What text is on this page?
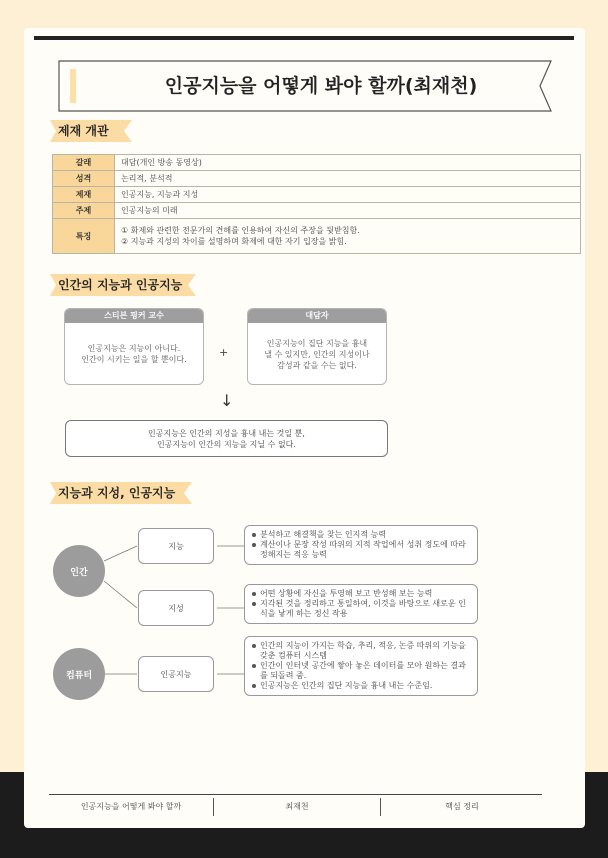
인공지능을 어떻게 봐야 할까(최재천)
제재 개관
갈래	대담(개인 방송 동영상)
성격	논리적, 분석적
제재	인공지능, 지능과 지성
주제	인공지능의 미래
특징	① 화제와 관련한 전문가의 견해를 인용하여 자신의 주장을 뒷받침함.
② 지능과 지성의 차이를 설명하며 화제에 대한 자기 입장을 밝힘.
인간의 지능과 인공지능
스티븐 핑커 교수
인공지능은 지능이 아니다.
인간이 시키는 일을 할 뿐이다.
+
대담자
인공지능이 집단 지능을 흉내
낼 수 있지만, 인간의 지성이나
감성과 같을 수는 없다.
↓
인공지능은 인간의 지성을 흉내 내는 것일 뿐,
인공지능이 인간의 지능을 지닐 수 없다.
지능과 지성, 인공지능
인간
컴퓨터
지능
지성
인공지능
분석하고 해결책을 찾는 인지적 능력
계산이나 문장 작성 따위의 지적 작업에서 성취 정도에 따라 정해지는 적응 능력
어떤 상황에 자신을 투영해 보고 반성해 보는 능력
지각된 것을 정리하고 통일하여, 이것을 바탕으로 새로운 인식을 낳게 하는 정신 작용
인간의 지능이 가지는 학습, 추리, 적응, 논증 따위의 기능을 갖춘 컴퓨터 시스템
인간이 인터넷 공간에 쌓아 놓은 데이터를 모아 원하는 결과를 되돌려 줌.
인공지능은 인간의 집단 지능을 흉내 내는 수준임.
인공지능을 어떻게 봐야 할까	최재천	핵심 정리
